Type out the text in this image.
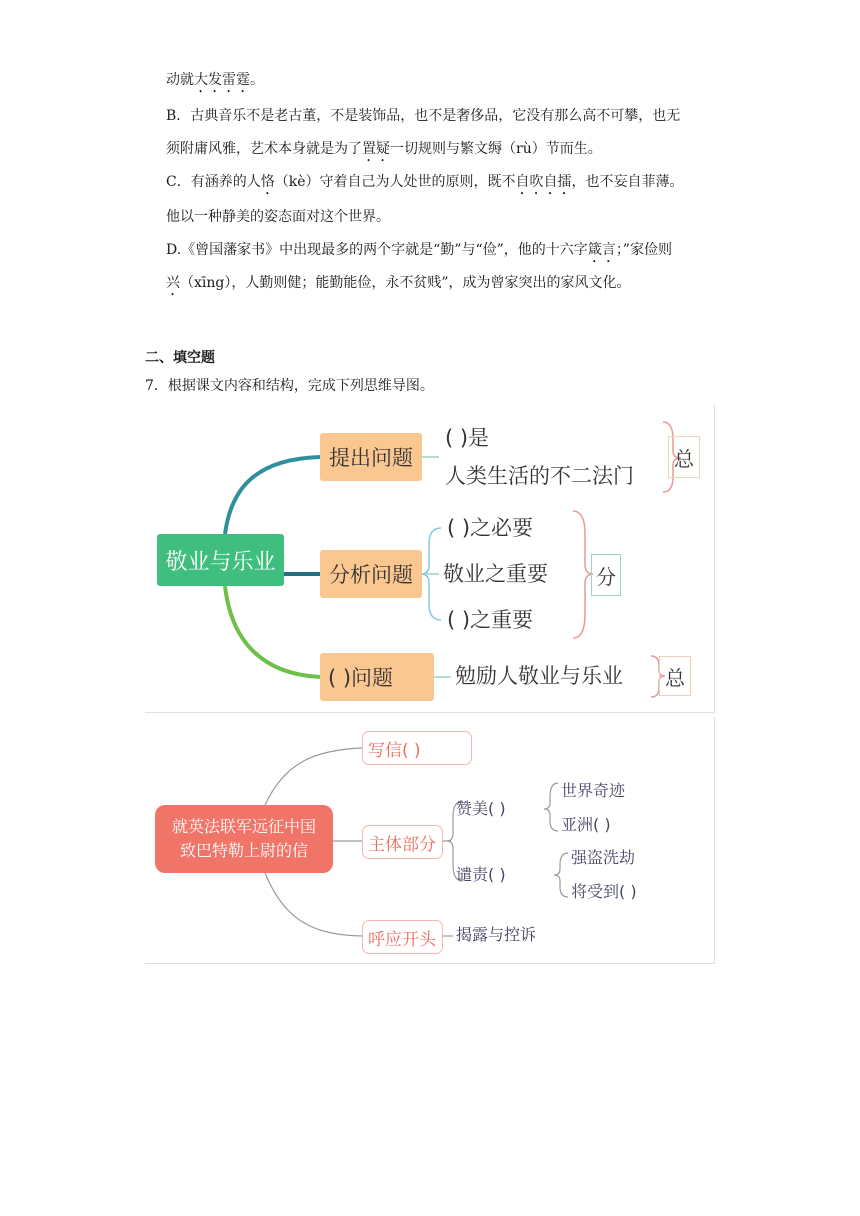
动就大发雷霆。
B．古典音乐不是老古董，不是装饰品，也不是奢侈品，它没有那么高不可攀，也无
须附庸风雅，艺术本身就是为了置疑一切规则与繁文缛（rù）节而生。
C．有涵养的人恪（kè）守着自己为人处世的原则，既不自吹自擂，也不妄自菲薄。
他以一种静美的姿态面对这个世界。
D.《曾国藩家书》中出现最多的两个字就是“勤”与“俭”，他的十六字箴言；”家俭则
兴（xīng），人勤则健；能勤能俭，永不贫贱”，成为曾家突出的家风文化。
二、填空题
7．根据课文内容和结构，完成下列思维导图。
敬业与乐业
提出问题
( )是
人类生活的不二法门
总
分析问题
( )之必要
敬业之重要
( )之重要
分
( )问题	勉励人敬业与乐业	总
就英法联军远征中国
致巴特勒上尉的信
写信( )
主体部分
呼应开头	揭露与控诉
赞美( )
世界奇迹
亚洲( )
谴责( )
强盗洗劫
将受到( )
